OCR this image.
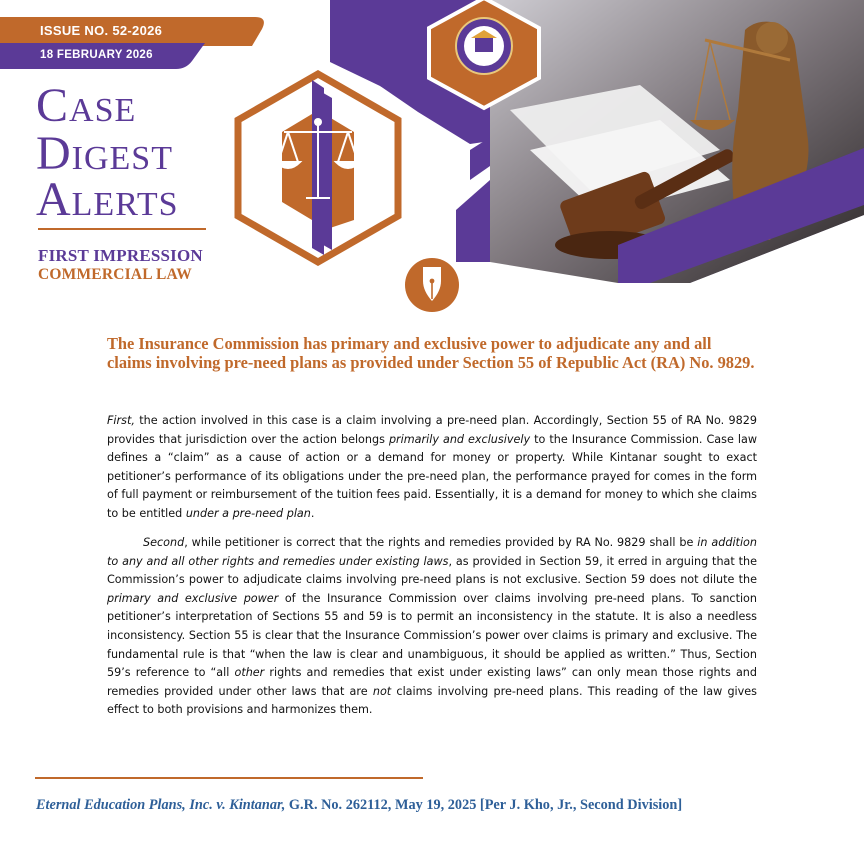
ISSUE NO. 52-2026
18 FEBRUARY 2026
Case
Digest
Alerts
FIRST IMPRESSION
COMMERCIAL LAW
The Insurance Commission has primary and exclusive power to adjudicate any and all claims involving pre-need plans as provided under Section 55 of Republic Act (RA) No. 9829.

First, the action involved in this case is a claim involving a pre-need plan. Accordingly, Section 55 of RA No. 9829 provides that jurisdiction over the action belongs primarily and exclusively to the Insurance Commission. Case law defines a “claim” as a cause of action or a demand for money or property. While Kintanar sought to exact petitioner’s performance of its obligations under the pre-need plan, the performance prayed for comes in the form of full payment or reimbursement of the tuition fees paid. Essentially, it is a demand for money to which she claims to be entitled under a pre-need plan.

Second, while petitioner is correct that the rights and remedies provided by RA No. 9829 shall be in addition to any and all other rights and remedies under existing laws, as provided in Section 59, it erred in arguing that the Commission’s power to adjudicate claims involving pre-need plans is not exclusive. Section 59 does not dilute the primary and exclusive power of the Insurance Commission over claims involving pre-need plans. To sanction petitioner’s interpretation of Sections 55 and 59 is to permit an inconsistency in the statute. It is also a needless inconsistency. Section 55 is clear that the Insurance Commission’s power over claims is primary and exclusive. The fundamental rule is that “when the law is clear and unambiguous, it should be applied as written.” Thus, Section 59’s reference to “all other rights and remedies that exist under existing laws” can only mean those rights and remedies provided under other laws that are not claims involving pre-need plans. This reading of the law gives effect to both provisions and harmonizes them.

Eternal Education Plans, Inc. v. Kintanar, G.R. No. 262112, May 19, 2025 [Per J. Kho, Jr., Second Division]
